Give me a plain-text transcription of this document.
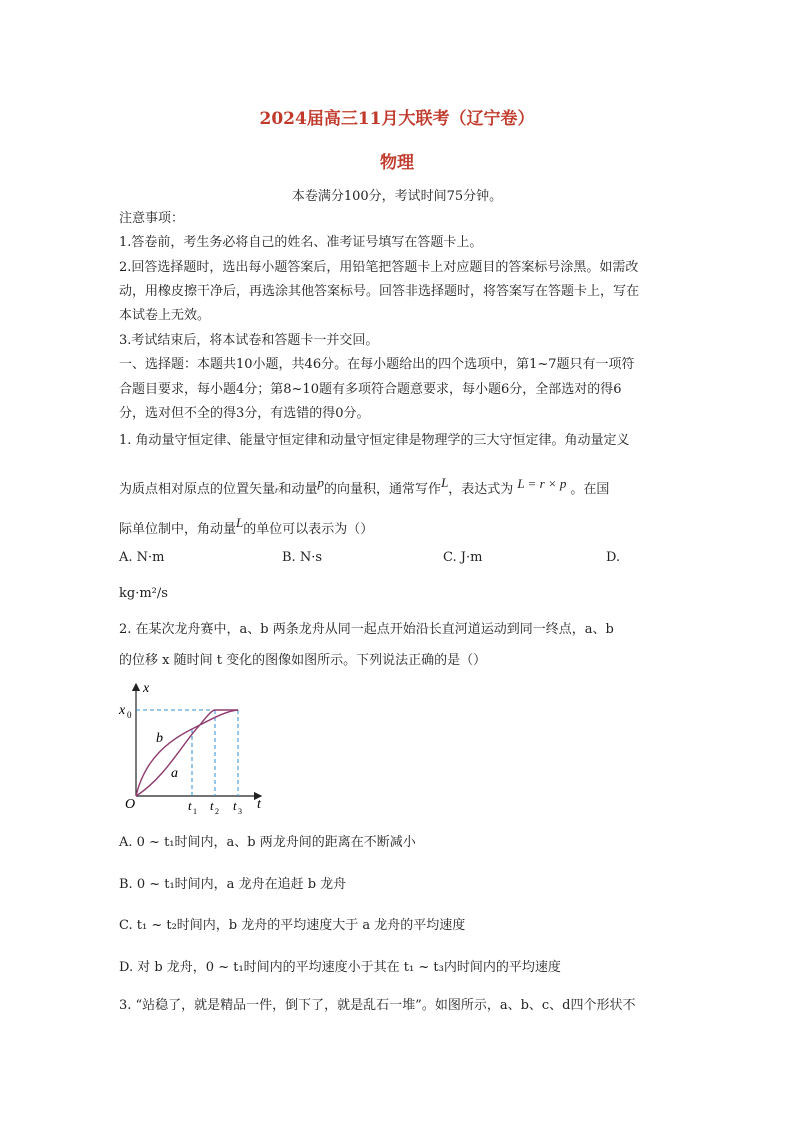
2024届高三11月大联考（辽宁卷）
物理
本卷满分100分，考试时间75分钟。
注意事项：
1.答卷前，考生务必将自己的姓名、准考证号填写在答题卡上。
2.回答选择题时，选出每小题答案后，用铅笔把答题卡上对应题目的答案标号涂黑。如需改
动，用橡皮擦干净后，再选涂其他答案标号。回答非选择题时，将答案写在答题卡上，写在
本试卷上无效。
3.考试结束后，将本试卷和答题卡一并交回。
一、选择题：本题共10小题，共46分。在每小题给出的四个选项中，第1~7题只有一项符
合题目要求，每小题4分；第8~10题有多项符合题意要求，每小题6分，全部选对的得6
分，选对但不全的得3分，有选错的得0分。
1. 角动量守恒定律、能量守恒定律和动量守恒定律是物理学的三大守恒定律。角动量定义
为质点相对原点的位置矢量r和动量p的向量积，通常写作L，表达式为 L = r × p 。在国
际单位制中，角动量L的单位可以表示为（）
A. N·m	B. N·s	C. J·m	D.
kg·m²/s
2. 在某次龙舟赛中，a、b 两条龙舟从同一起点开始沿长直河道运动到同一终点，a、b
的位移 x 随时间 t 变化的图像如图所示。下列说法正确的是（）
x
t
O
x 0
b
a
t 1 t 2 t 3
A. 0 ~ t₁时间内，a、b 两龙舟间的距离在不断减小
B. 0 ~ t₁时间内，a 龙舟在追赶 b 龙舟
C. t₁ ~ t₂时间内，b 龙舟的平均速度大于 a 龙舟的平均速度
D. 对 b 龙舟，0 ~ t₁时间内的平均速度小于其在 t₁ ~ t₃内时间内的平均速度
3. “站稳了，就是精品一件，倒下了，就是乱石一堆”。如图所示，a、b、c、d四个形状不
